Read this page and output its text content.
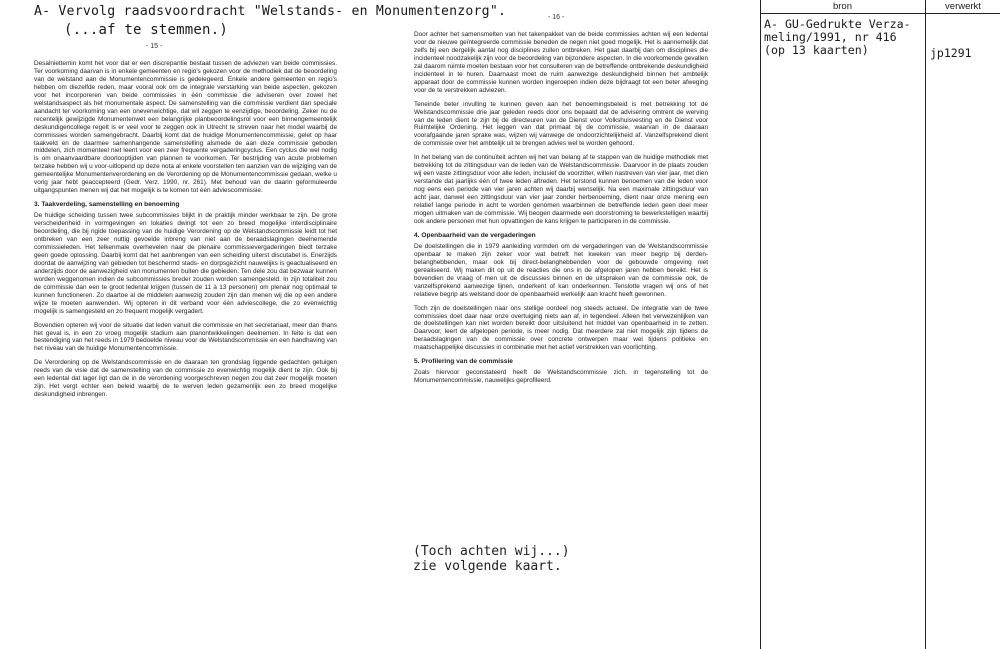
A- Vervolg raadsvoordracht "Welstands- en Monumentenzorg".
(...af te stemmen.)
- 15 -
- 16 -

Desalniettemin komt het voor dat er een discrepantie bestaat tussen de adviezen van beide commissies. Ter voorkoming daarvan is in enkele gemeenten en regio's gekozen voor de methodiek dat de beoordeling van de welstand aan de Monumentencommissie is gedelegeerd. Enkele andere gemeenten en regio's hebben om diezelfde reden, maar vooral ook om de integrale verstarking van beide aspecten, gekozen voor het incorporeren van beide commissies in één commissie die adviseren over zowel het welstandsaspect als het monumentale aspect. De samenstelling van die commissie verdient dan speciale aandacht ter voorkoming van een onevenwichtige, dat wil zeggen te eenzijdige, beoordeling. Zeker nu de recentelijk gewijzigde Monumentenwet een belangrijke planbeoordelingsrol voor een binnengemeentelijk deskundigencollege regelt is er veel voor te zeggen ook in Utrecht te streven naar het model waarbij de commissies worden samengebracht. Daarbij komt dat de huidige Monumentencommissie, gelet op haar taakveld en de daarmee samenhangende samenstelling alsmede de aan deze commissie geboden middelen, zich momenteel niet leent voor een zeer frequente vergaderingcyclus. Een cyclus die wel nodig is om onaanvaardbare doorlooptijden van plannen te voorkomen. Ter bestrijding van acute problemen terzake hebben wij u voor-uitlopend op deze nota al enkele voorstellen ten aanzien van de wijziging van de gemeentelijke Monumentenverordening en de Verordening op de Monumentencommissie gedaan, welke u vorig jaar hebt geaccepteerd (Gedr. Verz. 1990, nr. 261). Met behoud van de daarin geformuleerde uitgangspunten menen wij dat het mogelijk is te komen tot één adviescommissie.

3. Taakverdeling, samenstelling en benoeming

De huidige scheiding tussen twee subcommissies blijkt in de praktijk minder werkbaar te zijn. De grote verscheidenheid in vormgevingen en lokaties dwingt tot een zo breed mogelijke interdisciplinaire beoordeling, die bij rigide toepassing van de huidige Verordening op de Welstandscommissie leidt tot het ontbreken van een zeer nuttig gevoelde inbreng van niet aan de beraadslagingen deelnemende commissieleden. Het telkenmale overhevelen naar de plenaire commissievergaderingen biedt terzake geen goede oplossing. Daarbij komt dat het aanbrengen van een scheiding uiterst discutabel is. Enerzijds doordat de aanwijzing van gebieden tot beschermd stads- en dorpsgezicht nauwelijks is geactualiseerd en anderzijds door de aanwezigheid van monumenten buiten die gebieden. Ten dele zou dat bezwaar kunnen worden weggenomen indien de subcommissies breder zouden worden samengesteld. In zijn totaliteit zou de commissie dan een te groot ledental krijgen (tussen de 11 à 13 personen) om plenair nog optimaal te kunnen functioneren. Zo daartoe al de middelen aanwezig zouden zijn dan menen wij die op een andere wijze te moeten aanwenden. Wij opteren in dit verband voor één adviescollege, die zo evenwichtig mogelijk is samengesteld en zo frequent mogelijk vergadert.

Bovendien opteren wij voor de situatie dat leden vanuit die commissie en het secretariaat, meer dan thans het geval is, in een zo vroeg mogelijk stadium aan planontwikkelingen deelnemen. In feite is dat een bestendiging van het reeds in 1979 bedoelde niveau voor de Welstandscommissie en een handhaving van het niveau van de huidige Monumentencommissie.

De Verordening op de Welstandscommissie en de daaraan ten grondslag liggende gedachten getuigen reeds van de visie dat de samenstelling van de commissie zo evenwichtig mogelijk dient te zijn. Ook bij een ledental dat lager ligt dan de in de verordening voorgeschreven negen zou dat zeer mogelijk moeten zijn. Het vergt echter een beleid waarbij de te werven leden gezamenlijk een zo breed mogelijke deskundigheid inbrengen.

Door achter het samensmelten van het takenpakket van de beide commissies achten wij een ledental voor de nieuwe geïntegreerde commissie beneden de negen niet goed mogelijk. Het is aannemelijk dat zelfs bij een dergelijk aantal nog disciplines zullen ontbreken. Het gaat daarbij dan om disciplines die incidenteel noodzakelijk zijn voor de beoordeling van bijzondere aspecten. In die voorkomende gevallen zal daarom ruimte moeten bestaan voor het consulteren van de betreffende ontbrekende deskundigheid incidenteel in te huren. Daarnaast moet de ruim aanwezige deskundigheid binnen het ambtelijk apparaat door de commissie kunnen worden ingeroepen indien deze bijdraagt tot een beter afweging voor de te verstrekken adviezen.

Teneinde beter invulling te kunnen geven aan het benoemingsbeleid is met betrekking tot de Welstandscommissie drie jaar geleden reeds door ons bepaald dat de advisering omtrent de werving van de leden dient te zijn bij de directeuren van de Dienst voor Volkshuisvesting en de Dienst voor Ruimtelijke Ordening. Het leggen van dat primaat bij de commissie, waarvan in de daaraan voorafgaande jaren sprake was, wijzen wij vanwege de ondoorzichtelijkheid af. Vanzelfsprekend dient de commissie over het ambtelijk uit te brengen advies wel te worden gehoord.

In het belang van de continuïteit achten wij het van belang af te stappen van de huidige methodiek met betrekking tot de zittingsduur van de leden van de Welstandscommissie. Daarvoor in de plaats zouden wij een vaste zittingsduur voor alle leden, inclusief de voorzitter, willen nastreven van vier jaar, met dien verstande dat jaarlijks één of twee leden aftreden. Het terstond kunnen benoemen van die leden voor nog eens een periode van vier jaren achten wij daarbij wenselijk. Na een maximale zittingsduur van acht jaar, danwel een zittingsduur van vier jaar zonder herbenoeming, dient naar onze mening een relatief lange periode in acht te worden genomen waarbinnen de betreffende leden geen deel meer mogen uitmaken van de commissie. Wij beogen daarmede een doorstroming te bewerkstelligen waarbij ook andere personen met hun opvattingen de kans krijgen te participeren in de commissie.

4. Openbaarheid van de vergaderingen

De doelstellingen die in 1979 aanleiding vormden om de vergaderingen van de Welstandscommissie openbaar te maken zijn zeker voor wat betreft het kweken van meer begrip bij derden-belanghebbenden, maar ook bij direct-belanghebbenden voor de gebouwde omgeving niet gerealiseerd. Wij maken dit op uit de reacties die ons in de afgelopen jaren hebben bereikt. Het is bovendien de vraag of men uit de discussies binnen en de uitspraken van de commissie ook, de vanzelfsprekend aanwezige lijnen, onderkent of kan onderkennen. Tenslotte vragen wij ons of het relatieve begrip als welstand door de openbaarheid werkelijk aan kracht heeft gewonnen.

Toch zijn de doelstellingen naar ons stellige oordeel nog steeds actueel. De integratie van de twee commissies doet daar naar onze overtuiging niets aan af, in tegendeel. Alleen het verwezenlijken van de doelstellingen kan niet worden bereikt door uitsluitend het middel van openbaarheid in te zetten. Daarvoor, leert de afgelopen periode, is meer nodig. Dat meerdere zal niet mogelijk zijn tijdens de beraadslagingen van de commissie over concrete ontwerpen maar wel tijdens politieke en maatschappelijke discussies in combinatie met het actief verstrekken van voorlichting.

5. Profilering van de commissie

Zoals hiervoor geconstateerd heeft de Welstandscommissie zich, in tegenstelling tot de Monumentencommissie, nauwelijks geprofileerd.

(Toch achten wij...)
zie volgende kaart.
bron	verwerkt
A- GU-Gedrukte Verza-
meling/1991, nr 416
(op 13 kaarten)	jp1291
